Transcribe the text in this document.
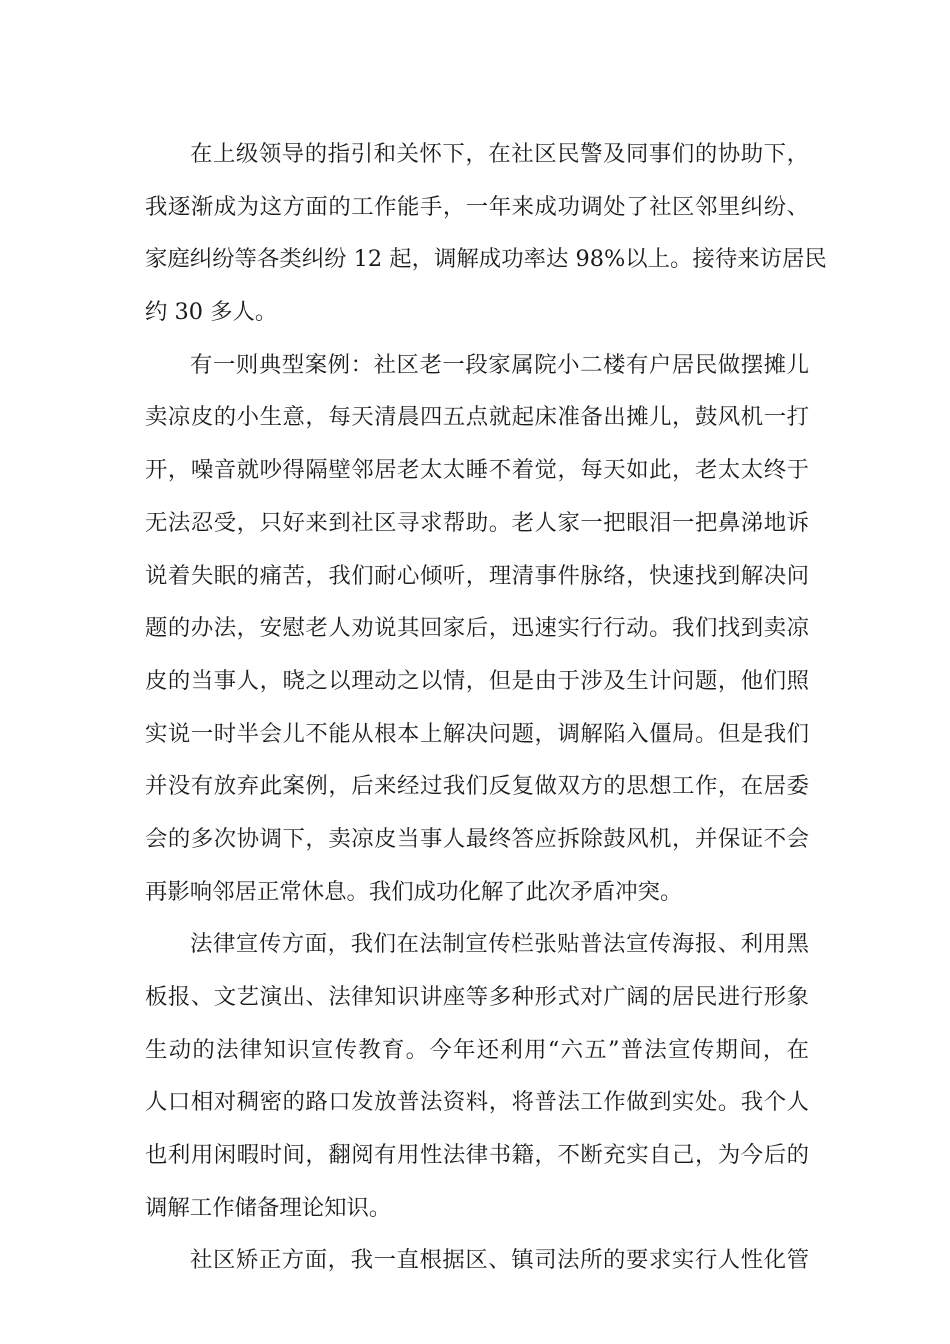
在上级领导的指引和关怀下，在社区民警及同事们的协助下，
我逐渐成为这方面的工作能手，一年来成功调处了社区邻里纠纷、
家庭纠纷等各类纠纷 12 起，调解成功率达 98%以上。接待来访居民
约 30 多人。
有一则典型案例：社区老一段家属院小二楼有户居民做摆摊儿
卖凉皮的小生意，每天清晨四五点就起床准备出摊儿，鼓风机一打
开，噪音就吵得隔壁邻居老太太睡不着觉，每天如此，老太太终于
无法忍受，只好来到社区寻求帮助。老人家一把眼泪一把鼻涕地诉
说着失眠的痛苦，我们耐心倾听，理清事件脉络，快速找到解决问
题的办法，安慰老人劝说其回家后，迅速实行行动。我们找到卖凉
皮的当事人，晓之以理动之以情，但是由于涉及生计问题，他们照
实说一时半会儿不能从根本上解决问题，调解陷入僵局。但是我们
并没有放弃此案例，后来经过我们反复做双方的思想工作，在居委
会的多次协调下，卖凉皮当事人最终答应拆除鼓风机，并保证不会
再影响邻居正常休息。我们成功化解了此次矛盾冲突。
法律宣传方面，我们在法制宣传栏张贴普法宣传海报、利用黑
板报、文艺演出、法律知识讲座等多种形式对广阔的居民进行形象
生动的法律知识宣传教育。今年还利用“六五”普法宣传期间，在
人口相对稠密的路口发放普法资料，将普法工作做到实处。我个人
也利用闲暇时间，翻阅有用性法律书籍，不断充实自己，为今后的
调解工作储备理论知识。
社区矫正方面，我一直根据区、镇司法所的要求实行人性化管
